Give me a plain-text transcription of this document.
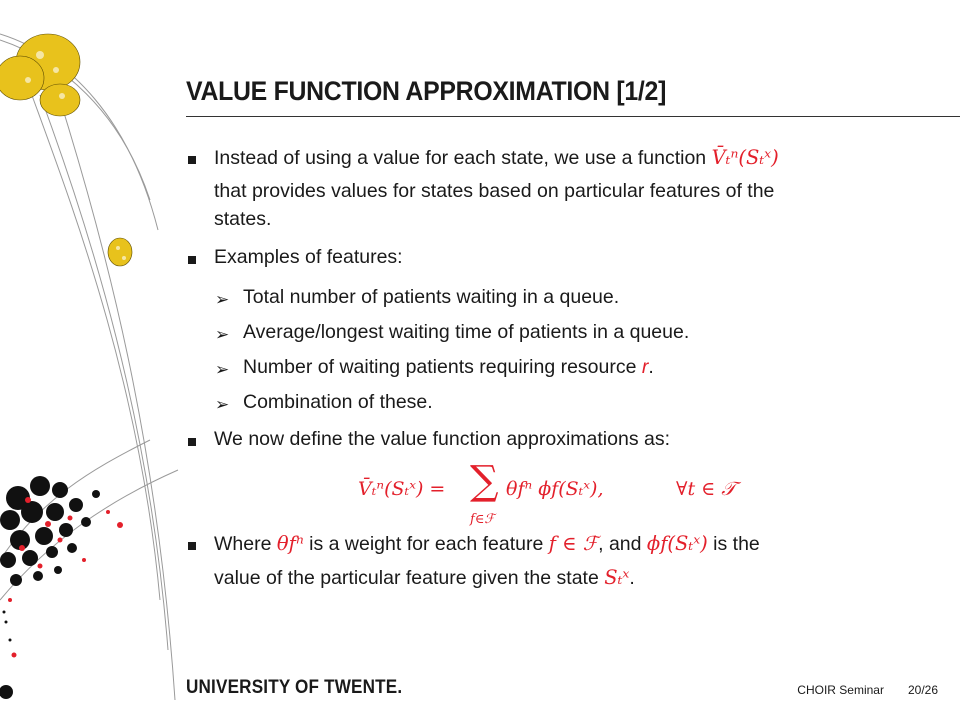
VALUE FUNCTION APPROXIMATION [1/2]
Instead of using a value for each state, we use a function V̄ₜⁿ(Sₜˣ)
that provides values for states based on particular features of the
states.
Examples of features:
➢ Total number of patients waiting in a queue.
➢ Average/longest waiting time of patients in a queue.
➢ Number of waiting patients requiring resource r.
➢ Combination of these.
We now define the value function approximations as:
V̄ₜⁿ(Sₜˣ) = ∑
f∈ℱ
θfⁿ ϕf(Sₜˣ),	∀t ∈ 𝒯
Where θfⁿ is a weight for each feature f ∈ ℱ, and ϕf(Sₜˣ) is the
value of the particular feature given the state Sₜˣ.
UNIVERSITY OF TWENTE.	CHOIR Seminar 20/26
